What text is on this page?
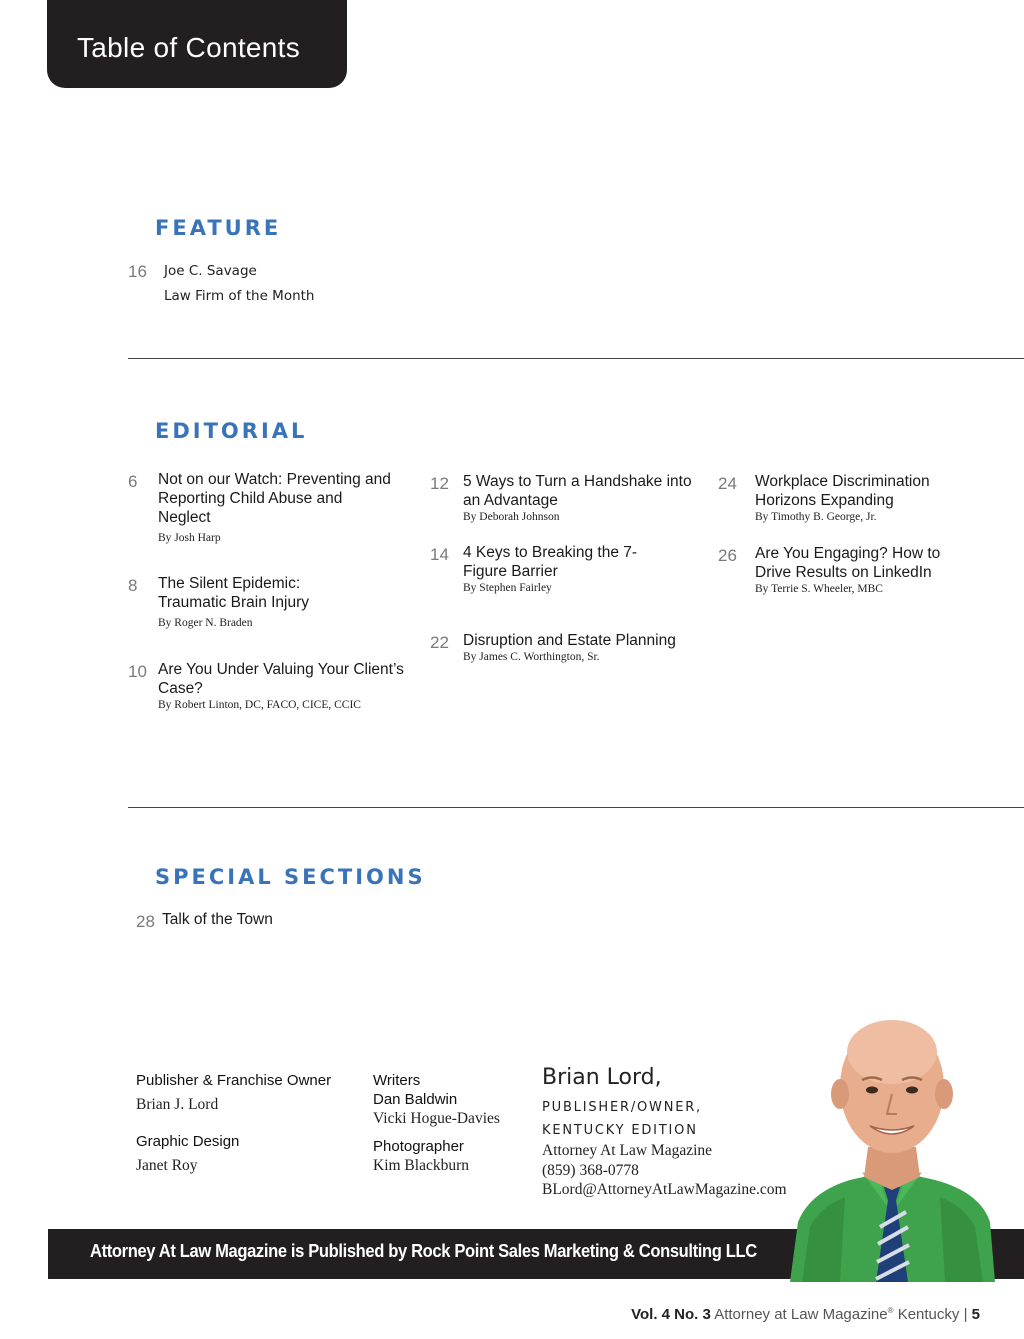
Table of Contents
FEATURE
16 Joe C. Savage
Law Firm of the Month
EDITORIAL
6 Not on our Watch: Preventing and Reporting Child Abuse and Neglect
By Josh Harp
8 The Silent Epidemic: Traumatic Brain Injury
By Roger N. Braden
10 Are You Under Valuing Your Client’s Case?
By Robert Linton, DC, FACO, CICE, CCIC
12 5 Ways to Turn a Handshake into an Advantage
By Deborah Johnson
14 4 Keys to Breaking the 7-Figure Barrier
By Stephen Fairley
22 Disruption and Estate Planning
By James C. Worthington, Sr.
24 Workplace Discrimination Horizons Expanding
By Timothy B. George, Jr.
26 Are You Engaging? How to Drive Results on LinkedIn
By Terrie S. Wheeler, MBC
SPECIAL SECTIONS
28 Talk of the Town
Publisher & Franchise Owner
Brian J. Lord
Graphic Design
Janet Roy
Writers
Dan Baldwin
Vicki Hogue-Davies
Photographer
Kim Blackburn
Brian Lord,
PUBLISHER/OWNER,
KENTUCKY EDITION
Attorney At Law Magazine
(859) 368-0778
BLord@AttorneyAtLawMagazine.com
Attorney At Law Magazine is Published by Rock Point Sales Marketing & Consulting LLC
Vol. 4 No. 3 Attorney at Law Magazine® Kentucky | 5
